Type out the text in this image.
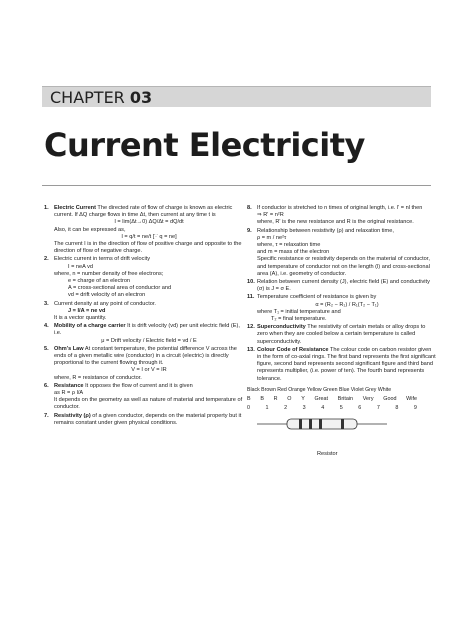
CHAPTER 03
Current Electricity
1. Electric Current The directed rate of flow of charge is known as electric current. If ΔQ charge flows in time Δt, then current at any time t is

I = lim(Δt→0) ΔQ/Δt = dQ/dt

Also, it can be expressed as,

I = q/t = ne/t [∵ q = ne]

The current I is in the direction of flow of positive charge and opposite to the direction of flow of negative charge.

2. Electric current in terms of drift velocity

I = neA vd

where, n = number density of free electrons;

e = charge of an electron

A = cross-sectional area of conductor and

vd = drift velocity of an electron

3. Current density at any point of conductor.

J = I/A = ne vd

It is a vector quantity.

4. Mobility of a charge carrier It is drift velocity (vd) per unit electric field (E), i.e.

μ = Drift velocity / Electric field = vd / E

5. Ohm's Law At constant temperature, the potential difference V across the ends of a given metallic wire (conductor) in a circuit (electric) is directly proportional to the current flowing through it.

V = I or V = IR

where, R = resistance of conductor.

6. Resistance It opposes the flow of current and it is given

as R = ρ l/A

It depends on the geometry as well as nature of material and temperature of conductor.

7. Resistivity (ρ) of a given conductor, depends on the material property but it remains constant under given physical conditions.

8. If conductor is stretched to n times of original length, i.e. l' = nl then

⇒ R' = n²R

where, R' is the new resistance and R is the original resistance.

9. Relationship between resistivity (ρ) and relaxation time,

ρ = m / ne²τ

where, τ = relaxation time

and m = mass of the electron

Specific resistance or resistivity depends on the material of conductor, and temperature of conductor not on the length (l) and cross-sectional area (A), i.e. geometry of conductor.

10. Relation between current density (J), electric field (E) and conductivity (σ) is J = σ E.

11. Temperature coefficient of resistance is given by

α = (R₂ − R₁) / R₁(T₂ − T₁)

where T₁ = initial temperature and

T₂ = final temperature.

12. Superconductivity The resistivity of certain metals or alloy drops to zero when they are cooled below a certain temperature is called superconductivity.

13. Colour Code of Resistance The colour code on carbon resistor given in the form of co-axial rings. The first band represents the first significant figure, second band represents second significant figure and third band represents multiplier, (i.e. power of ten). The fourth band represents tolerance.

Black Brown Red Orange Yellow Green Blue Violet Grey White

B B R O Y Great Britain Very Good Wife
0	1	2	3	4	5	6	7	8	9

Resistor
